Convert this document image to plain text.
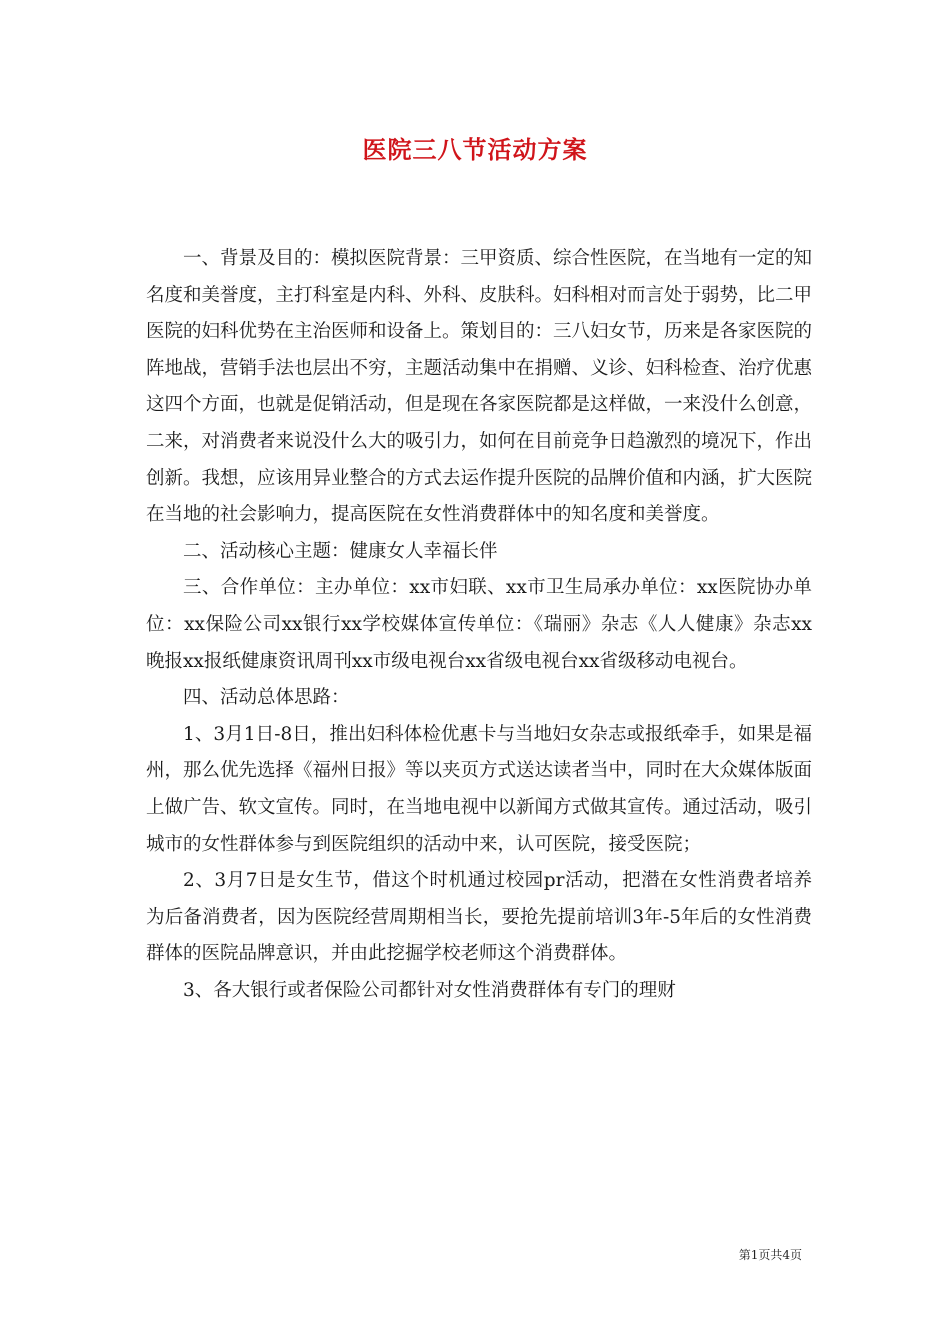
医院三八节活动方案

一、背景及目的：模拟医院背景：三甲资质、综合性医院，在当地有一定的知名度和美誉度，主打科室是内科、外科、皮肤科。妇科相对而言处于弱势，比二甲医院的妇科优势在主治医师和设备上。策划目的：三八妇女节，历来是各家医院的阵地战，营销手法也层出不穷，主题活动集中在捐赠、义诊、妇科检查、治疗优惠这四个方面，也就是促销活动，但是现在各家医院都是这样做，一来没什么创意，二来，对消费者来说没什么大的吸引力，如何在目前竞争日趋激烈的境况下，作出创新。我想，应该用异业整合的方式去运作提升医院的品牌价值和内涵，扩大医院在当地的社会影响力，提高医院在女性消费群体中的知名度和美誉度。

二、活动核心主题：健康女人幸福长伴

三、合作单位：主办单位：xx市妇联、xx市卫生局承办单位：xx医院协办单位：xx保险公司xx银行xx学校媒体宣传单位：《瑞丽》杂志《人人健康》杂志xx晚报xx报纸健康资讯周刊xx市级电视台xx省级电视台xx省级移动电视台。

四、活动总体思路：

1、3月1日-8日，推出妇科体检优惠卡与当地妇女杂志或报纸牵手，如果是福州，那么优先选择《福州日报》等以夹页方式送达读者当中，同时在大众媒体版面上做广告、软文宣传。同时，在当地电视中以新闻方式做其宣传。通过活动，吸引城市的女性群体参与到医院组织的活动中来，认可医院，接受医院；

2、3月7日是女生节，借这个时机通过校园pr活动，把潜在女性消费者培养为后备消费者，因为医院经营周期相当长，要抢先提前培训3年-5年后的女性消费群体的医院品牌意识，并由此挖掘学校老师这个消费群体。

3、各大银行或者保险公司都针对女性消费群体有专门的理财

第1页共4页
